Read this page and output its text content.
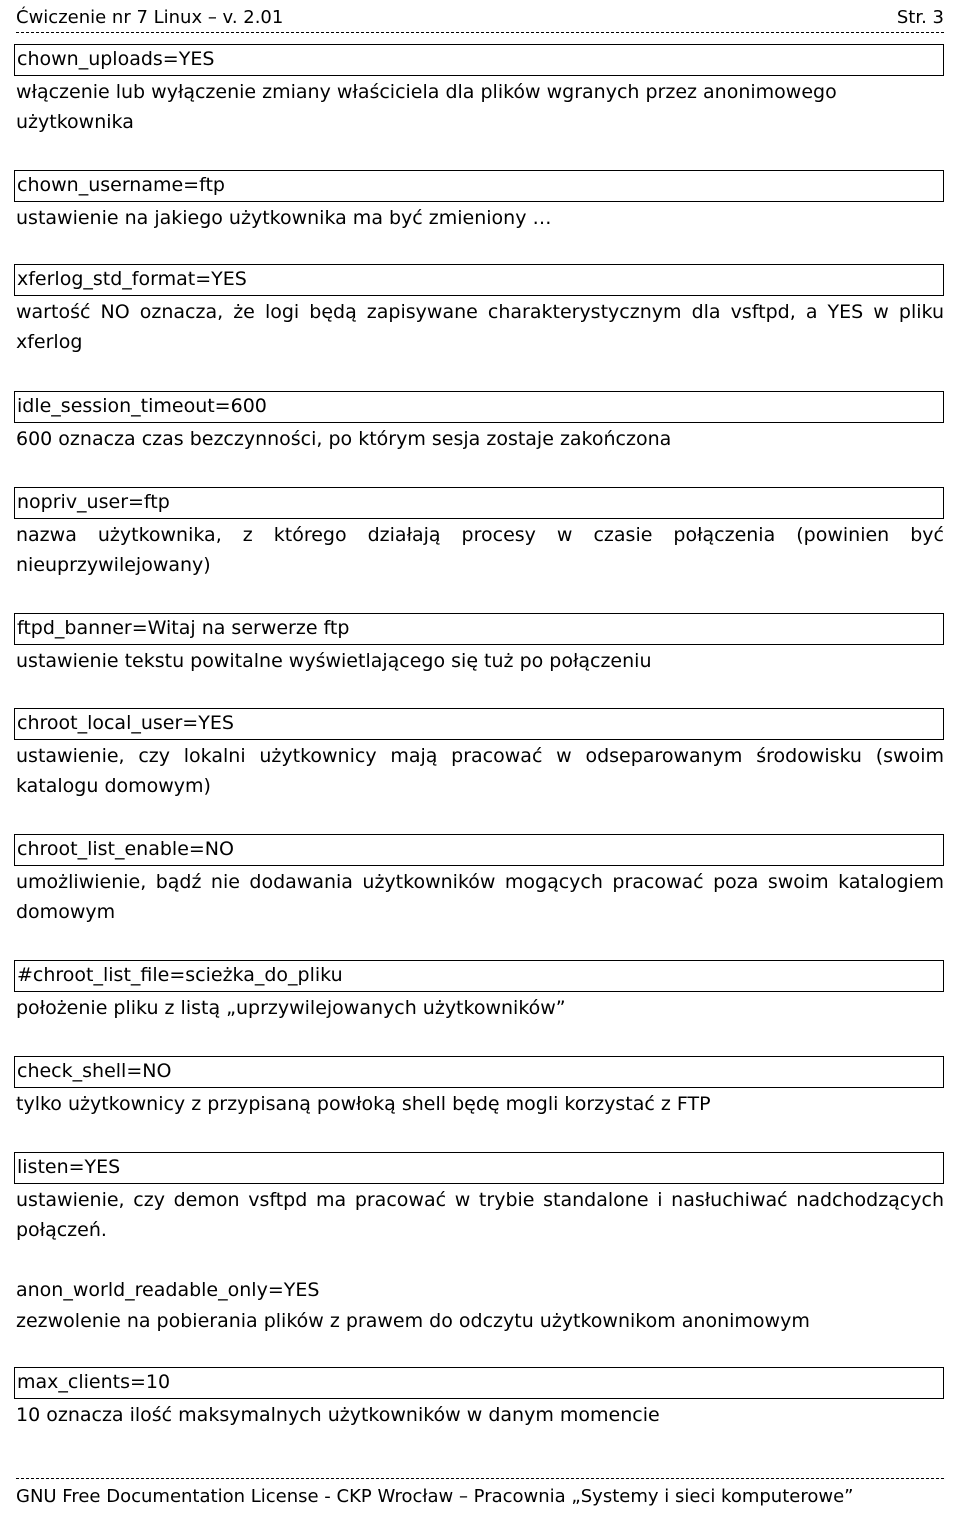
Ćwiczenie nr 7 Linux – v. 2.01	Str. 3
chown_uploads=YES
włączenie lub wyłączenie zmiany właściciela dla plików wgranych przez anonimowego użytkownika
chown_username=ftp
ustawienie na jakiego użytkownika ma być zmieniony …
xferlog_std_format=YES
wartość NO oznacza, że logi będą zapisywane charakterystycznym dla vsftpd, a YES w pliku xferlog
idle_session_timeout=600
600 oznacza czas bezczynności, po którym sesja zostaje zakończona
nopriv_user=ftp
nazwa użytkownika, z którego działają procesy w czasie połączenia (powinien być nieuprzywilejowany)
ftpd_banner=Witaj na serwerze ftp
ustawienie tekstu powitalne wyświetlającego się tuż po połączeniu
chroot_local_user=YES
ustawienie, czy lokalni użytkownicy mają pracować w odseparowanym środowisku (swoim katalogu domowym)
chroot_list_enable=NO
umożliwienie, bądź nie dodawania użytkowników mogących pracować poza swoim katalogiem domowym
#chroot_list_file=scieżka_do_pliku
położenie pliku z listą „uprzywilejowanych użytkowników”
check_shell=NO
tylko użytkownicy z przypisaną powłoką shell będę mogli korzystać z FTP
listen=YES
ustawienie, czy demon vsftpd ma pracować w trybie standalone i nasłuchiwać nadchodzących połączeń.
anon_world_readable_only=YES
zezwolenie na pobierania plików z prawem do odczytu użytkownikom anonimowym
max_clients=10
10 oznacza ilość maksymalnych użytkowników w danym momencie
GNU Free Documentation License - CKP Wrocław – Pracownia „Systemy i sieci komputerowe”
